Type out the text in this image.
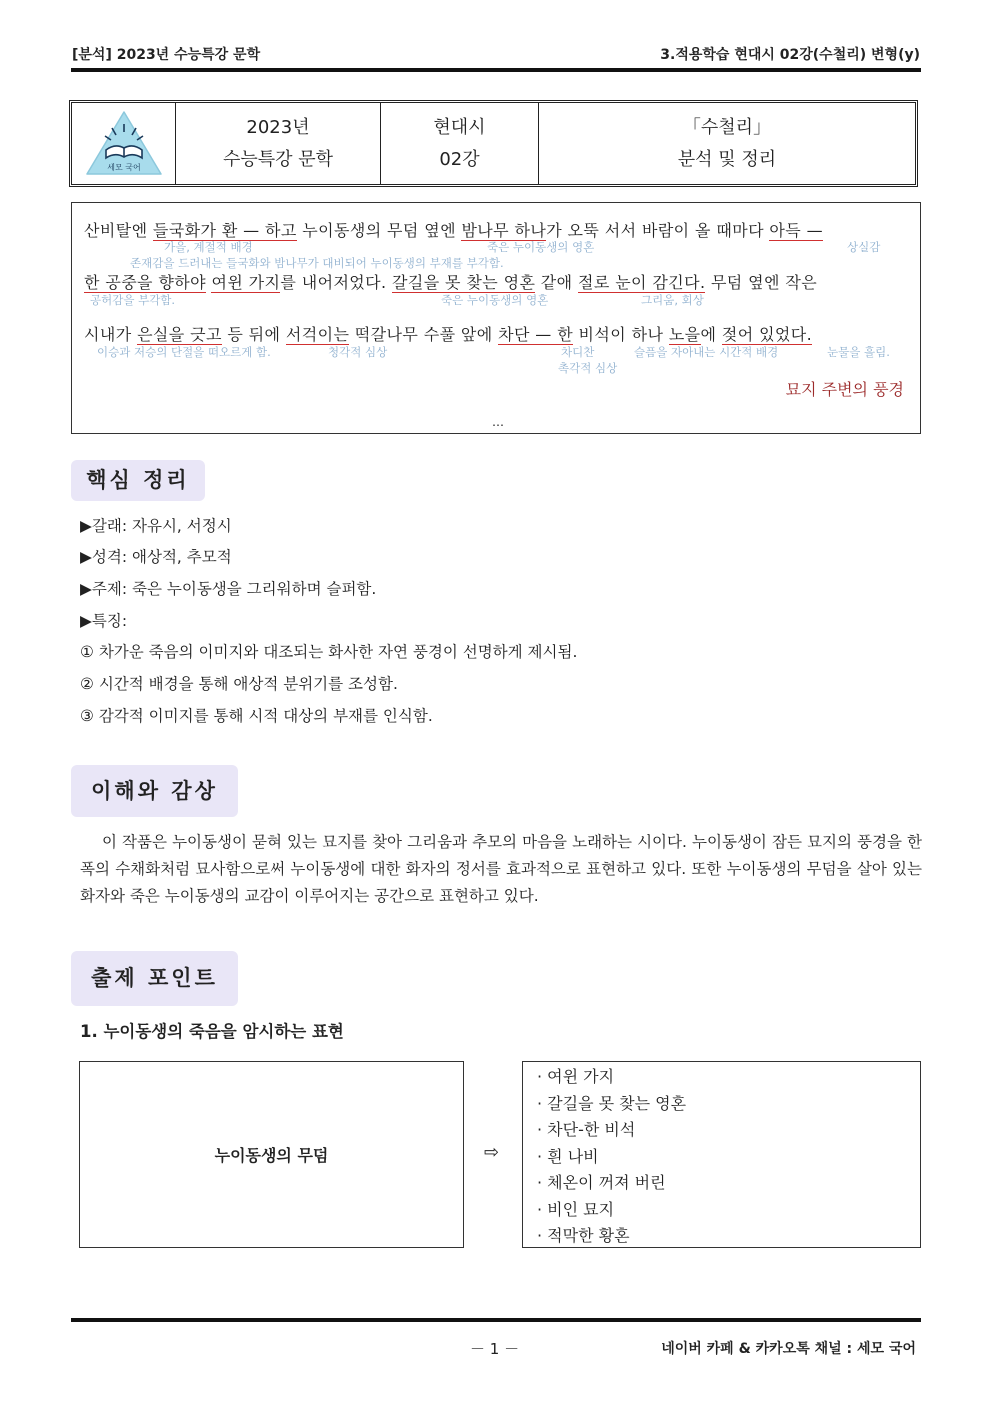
[분석] 2023년 수능특강 문학	3.적용학습 현대시 02강(수철리) 변형(y)
세모 국어

2023년
수능특강 문학

현대시
02강

「수철리」
분석 및 정리
산비탈엔 들국화가 환 — 하고 누이동생의 무덤 옆엔 밤나무 하나가 오뚝 서서 바람이 올 때마다 아득 —
가을, 계절적 배경	죽은 누이동생의 영혼	상실감
존재감을 드러내는 들국화와 밤나무가 대비되어 누이동생의 부재를 부각함.
한 공중을 향하야 여윈 가지를 내어저었다. 갈길을 못 찾는 영혼 같애 절로 눈이 감긴다. 무덤 옆엔 작은
공허감을 부각함.	죽은 누이동생의 영혼	그리움, 회상
시내가 은실을 긋고 등 뒤에 서걱이는 떡갈나무 수풀 앞에 차단 — 한 비석이 하나 노을에 젖어 있었다.
이승과 저승의 단절을 떠오르게 함.	청각적 심상	차디찬	슬픔을 자아내는 시간적 배경	눈물을 흘림.
촉각적 심상
묘지 주변의 풍경
…
핵심 정리
▶갈래: 자유시, 서정시
▶성격: 애상적, 추모적
▶주제: 죽은 누이동생을 그리워하며 슬퍼함.
▶특징:
① 차가운 죽음의 이미지와 대조되는 화사한 자연 풍경이 선명하게 제시됨.
② 시간적 배경을 통해 애상적 분위기를 조성함.
③ 감각적 이미지를 통해 시적 대상의 부재를 인식함.
이해와 감상
이 작품은 누이동생이 묻혀 있는 묘지를 찾아 그리움과 추모의 마음을 노래하는 시이다. 누이동생이 잠든 묘지의 풍경을 한 폭의 수채화처럼 묘사함으로써 누이동생에 대한 화자의 정서를 효과적으로 표현하고 있다. 또한 누이동생의 무덤을 살아 있는 화자와 죽은 누이동생의 교감이 이루어지는 공간으로 표현하고 있다.
출제 포인트
1. 누이동생의 죽음을 암시하는 표현
누이동생의 무덤	⇨
· 여윈 가지
· 갈길을 못 찾는 영혼
· 차단-한 비석
· 흰 나비
· 체온이 꺼져 버린
· 비인 묘지
· 적막한 황혼
－ 1 －	네이버 카페 & 카카오톡 채널 : 세모 국어
